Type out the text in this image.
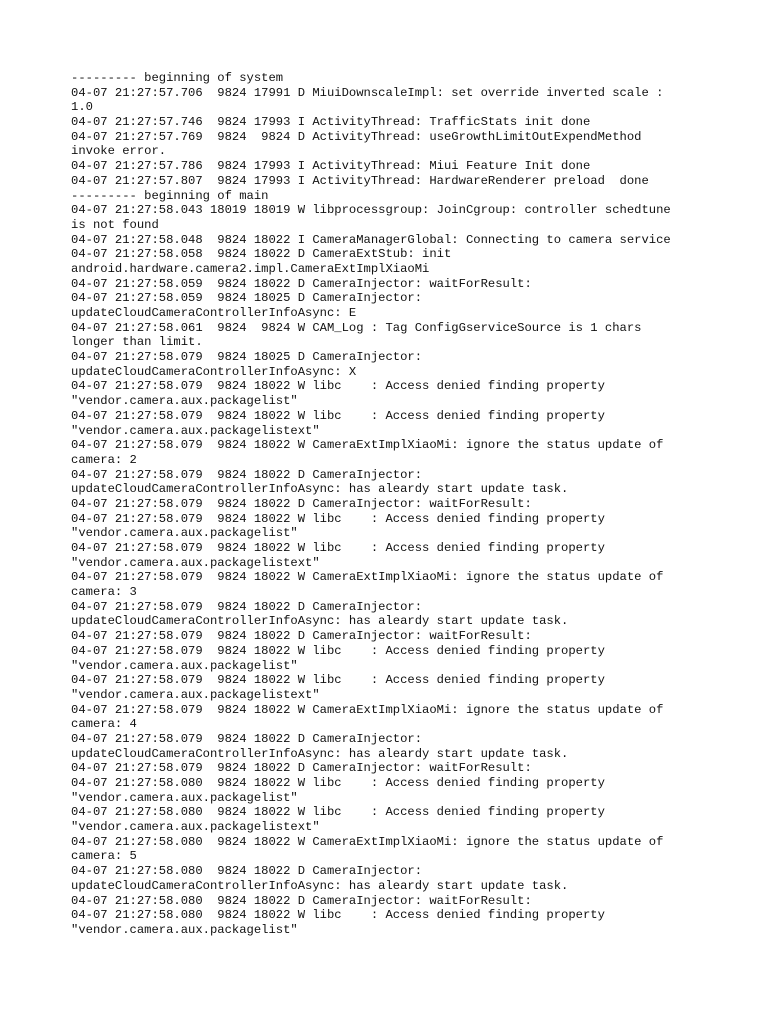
--------- beginning of system
04-07 21:27:57.706  9824 17991 D MiuiDownscaleImpl: set override inverted scale :
1.0
04-07 21:27:57.746  9824 17993 I ActivityThread: TrafficStats init done
04-07 21:27:57.769  9824  9824 D ActivityThread: useGrowthLimitOutExpendMethod
invoke error.
04-07 21:27:57.786  9824 17993 I ActivityThread: Miui Feature Init done
04-07 21:27:57.807  9824 17993 I ActivityThread: HardwareRenderer preload  done
--------- beginning of main
04-07 21:27:58.043 18019 18019 W libprocessgroup: JoinCgroup: controller schedtune
is not found
04-07 21:27:58.048  9824 18022 I CameraManagerGlobal: Connecting to camera service
04-07 21:27:58.058  9824 18022 D CameraExtStub: init
android.hardware.camera2.impl.CameraExtImplXiaoMi
04-07 21:27:58.059  9824 18022 D CameraInjector: waitForResult:
04-07 21:27:58.059  9824 18025 D CameraInjector:
updateCloudCameraControllerInfoAsync: E
04-07 21:27:58.061  9824  9824 W CAM_Log : Tag ConfigGserviceSource is 1 chars
longer than limit.
04-07 21:27:58.079  9824 18025 D CameraInjector:
updateCloudCameraControllerInfoAsync: X
04-07 21:27:58.079  9824 18022 W libc    : Access denied finding property
"vendor.camera.aux.packagelist"
04-07 21:27:58.079  9824 18022 W libc    : Access denied finding property
"vendor.camera.aux.packagelistext"
04-07 21:27:58.079  9824 18022 W CameraExtImplXiaoMi: ignore the status update of
camera: 2
04-07 21:27:58.079  9824 18022 D CameraInjector:
updateCloudCameraControllerInfoAsync: has aleardy start update task.
04-07 21:27:58.079  9824 18022 D CameraInjector: waitForResult:
04-07 21:27:58.079  9824 18022 W libc    : Access denied finding property
"vendor.camera.aux.packagelist"
04-07 21:27:58.079  9824 18022 W libc    : Access denied finding property
"vendor.camera.aux.packagelistext"
04-07 21:27:58.079  9824 18022 W CameraExtImplXiaoMi: ignore the status update of
camera: 3
04-07 21:27:58.079  9824 18022 D CameraInjector:
updateCloudCameraControllerInfoAsync: has aleardy start update task.
04-07 21:27:58.079  9824 18022 D CameraInjector: waitForResult:
04-07 21:27:58.079  9824 18022 W libc    : Access denied finding property
"vendor.camera.aux.packagelist"
04-07 21:27:58.079  9824 18022 W libc    : Access denied finding property
"vendor.camera.aux.packagelistext"
04-07 21:27:58.079  9824 18022 W CameraExtImplXiaoMi: ignore the status update of
camera: 4
04-07 21:27:58.079  9824 18022 D CameraInjector:
updateCloudCameraControllerInfoAsync: has aleardy start update task.
04-07 21:27:58.079  9824 18022 D CameraInjector: waitForResult:
04-07 21:27:58.080  9824 18022 W libc    : Access denied finding property
"vendor.camera.aux.packagelist"
04-07 21:27:58.080  9824 18022 W libc    : Access denied finding property
"vendor.camera.aux.packagelistext"
04-07 21:27:58.080  9824 18022 W CameraExtImplXiaoMi: ignore the status update of
camera: 5
04-07 21:27:58.080  9824 18022 D CameraInjector:
updateCloudCameraControllerInfoAsync: has aleardy start update task.
04-07 21:27:58.080  9824 18022 D CameraInjector: waitForResult:
04-07 21:27:58.080  9824 18022 W libc    : Access denied finding property
"vendor.camera.aux.packagelist"
